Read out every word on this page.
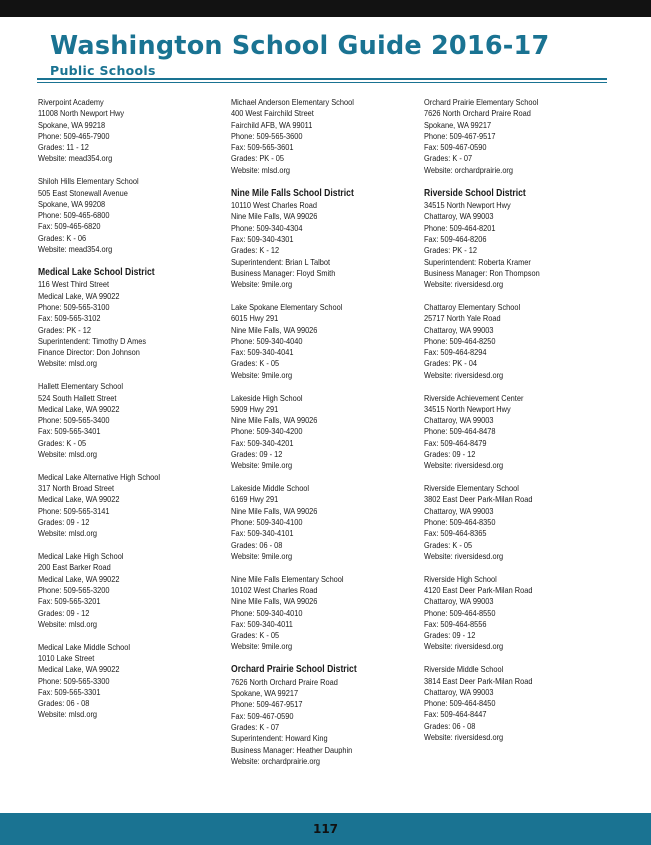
Washington School Guide 2016-17
Public Schools
Riverpoint Academy
11008 North Newport Hwy
Spokane, WA 99218
Phone: 509-465-7900
Grades: 11 - 12
Website: mead354.org
Shiloh Hills Elementary School
505 East Stonewall Avenue
Spokane, WA 99208
Phone: 509-465-6800
Fax: 509-465-6820
Grades: K - 06
Website: mead354.org
Medical Lake School District
116 West Third Street
Medical Lake, WA 99022
Phone: 509-565-3100
Fax: 509-565-3102
Grades: PK - 12
Superintendent: Timothy D Ames
Finance Director: Don Johnson
Website: mlsd.org
Hallett Elementary School
524 South Hallett Street
Medical Lake, WA 99022
Phone: 509-565-3400
Fax: 509-565-3401
Grades: K - 05
Website: mlsd.org
Medical Lake Alternative High School
317 North Broad Street
Medical Lake, WA 99022
Phone: 509-565-3141
Grades: 09 - 12
Website: mlsd.org
Medical Lake High School
200 East Barker Road
Medical Lake, WA 99022
Phone: 509-565-3200
Fax: 509-565-3201
Grades: 09 - 12
Website: mlsd.org
Medical Lake Middle School
1010 Lake Street
Medical Lake, WA 99022
Phone: 509-565-3300
Fax: 509-565-3301
Grades: 06 - 08
Website: mlsd.org
Michael Anderson Elementary School
400 West Fairchild Street
Fairchild AFB, WA 99011
Phone: 509-565-3600
Fax: 509-565-3601
Grades: PK - 05
Website: mlsd.org
Nine Mile Falls School District
10110 West Charles Road
Nine Mile Falls, WA 99026
Phone: 509-340-4304
Fax: 509-340-4301
Grades: K - 12
Superintendent: Brian L Talbot
Business Manager: Floyd Smith
Website: 9mile.org
Lake Spokane Elementary School
6015 Hwy 291
Nine Mile Falls, WA 99026
Phone: 509-340-4040
Fax: 509-340-4041
Grades: K - 05
Website: 9mile.org
Lakeside High School
5909 Hwy 291
Nine Mile Falls, WA 99026
Phone: 509-340-4200
Fax: 509-340-4201
Grades: 09 - 12
Website: 9mile.org
Lakeside Middle School
6169 Hwy 291
Nine Mile Falls, WA 99026
Phone: 509-340-4100
Fax: 509-340-4101
Grades: 06 - 08
Website: 9mile.org
Nine Mile Falls Elementary School
10102 West Charles Road
Nine Mile Falls, WA 99026
Phone: 509-340-4010
Fax: 509-340-4011
Grades: K - 05
Website: 9mile.org
Orchard Prairie School District
7626 North Orchard Praire Road
Spokane, WA 99217
Phone: 509-467-9517
Fax: 509-467-0590
Grades: K - 07
Superintendent: Howard King
Business Manager: Heather Dauphin
Website: orchardprairie.org
Orchard Prairie Elementary School
7626 North Orchard Praire Road
Spokane, WA 99217
Phone: 509-467-9517
Fax: 509-467-0590
Grades: K - 07
Website: orchardprairie.org
Riverside School District
34515 North Newport Hwy
Chattaroy, WA 99003
Phone: 509-464-8201
Fax: 509-464-8206
Grades: PK - 12
Superintendent: Roberta Kramer
Business Manager: Ron Thompson
Website: riversidesd.org
Chattaroy Elementary School
25717 North Yale Road
Chattaroy, WA 99003
Phone: 509-464-8250
Fax: 509-464-8294
Grades: PK - 04
Website: riversidesd.org
Riverside Achievement Center
34515 North Newport Hwy
Chattaroy, WA 99003
Phone: 509-464-8478
Fax: 509-464-8479
Grades: 09 - 12
Website: riversidesd.org
Riverside Elementary School
3802 East Deer Park-Milan Road
Chattaroy, WA 99003
Phone: 509-464-8350
Fax: 509-464-8365
Grades: K - 05
Website: riversidesd.org
Riverside High School
4120 East Deer Park-Milan Road
Chattaroy, WA 99003
Phone: 509-464-8550
Fax: 509-464-8556
Grades: 09 - 12
Website: riversidesd.org
Riverside Middle School
3814 East Deer Park-Milan Road
Chattaroy, WA 99003
Phone: 509-464-8450
Fax: 509-464-8447
Grades: 06 - 08
Website: riversidesd.org
117
